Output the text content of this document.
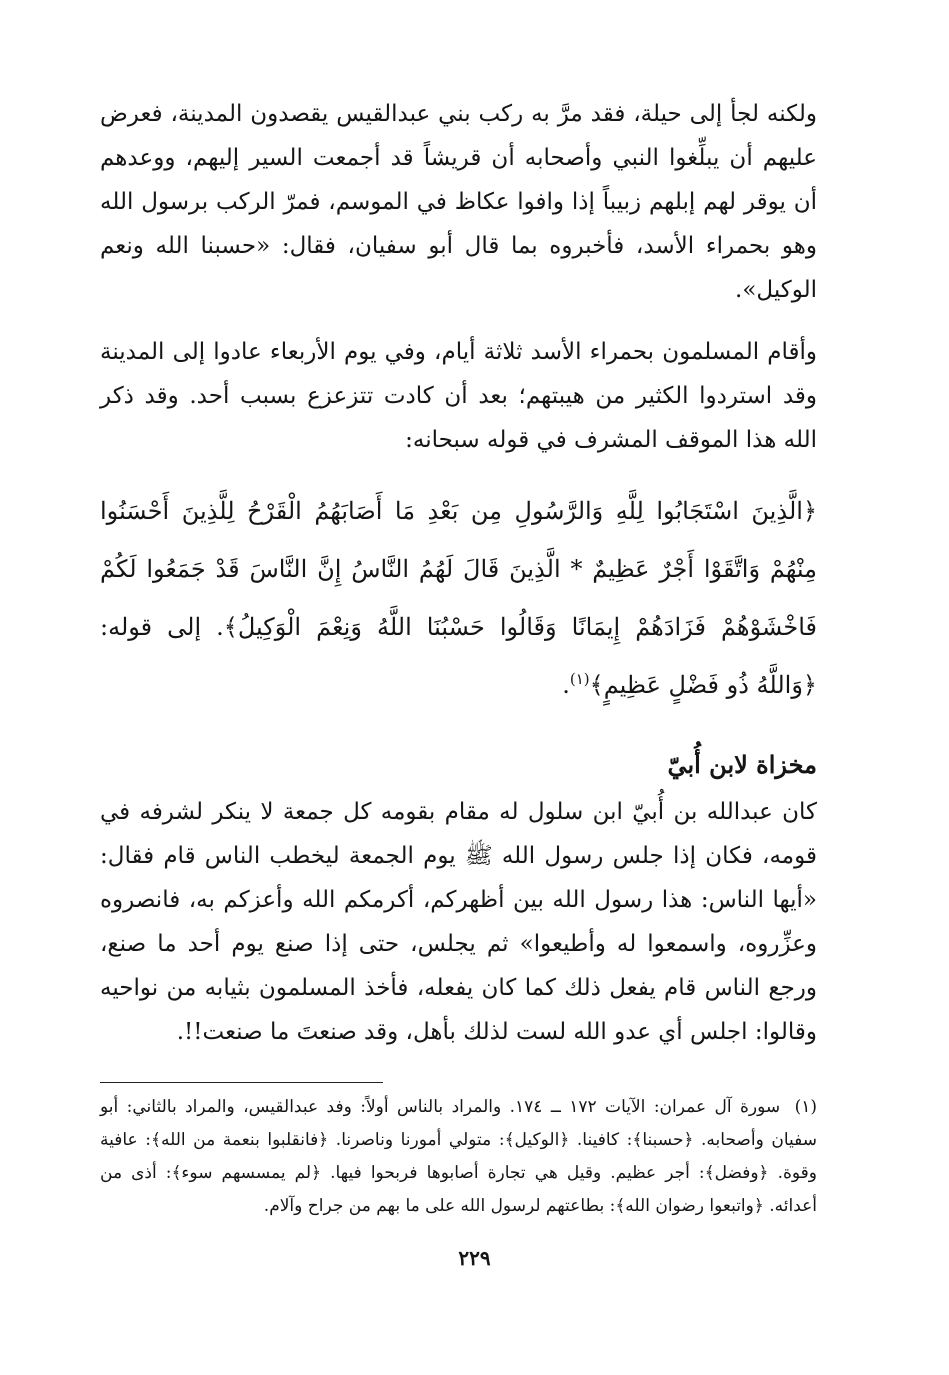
ولكنه لجأ إلى حيلة، فقد مرَّ به ركب بني عبدالقيس يقصدون المدينة، فعرض عليهم أن يبلِّغوا النبي وأصحابه أن قريشاً قد أجمعت السير إليهم، ووعدهم أن يوقر لهم إبلهم زبيباً إذا وافوا عكاظ في الموسم، فمرّ الركب برسول الله وهو بحمراء الأسد، فأخبروه بما قال أبو سفيان، فقال: «حسبنا الله ونعم الوكيل».

وأقام المسلمون بحمراء الأسد ثلاثة أيام، وفي يوم الأربعاء عادوا إلى المدينة وقد استردوا الكثير من هيبتهم؛ بعد أن كادت تتزعزع بسبب أحد. وقد ذكر الله هذا الموقف المشرف في قوله سبحانه:

﴿الَّذِينَ اسْتَجَابُوا لِلَّهِ وَالرَّسُولِ مِن بَعْدِ مَا أَصَابَهُمُ الْقَرْحُ لِلَّذِينَ أَحْسَنُوا مِنْهُمْ وَاتَّقَوْا أَجْرٌ عَظِيمٌ * الَّذِينَ قَالَ لَهُمُ النَّاسُ إِنَّ النَّاسَ قَدْ جَمَعُوا لَكُمْ فَاخْشَوْهُمْ فَزَادَهُمْ إِيمَانًا وَقَالُوا حَسْبُنَا اللَّهُ وَنِعْمَ الْوَكِيلُ﴾. إلى قوله: ﴿وَاللَّهُ ذُو فَضْلٍ عَظِيمٍ﴾$^{(١)}$.

مخزاة لابن أُبيّ

كان عبدالله بن أُبيّ ابن سلول له مقام بقومه كل جمعة لا ينكر لشرفه في قومه، فكان إذا جلس رسول الله ﷺ يوم الجمعة ليخطب الناس قام فقال: «أيها الناس: هذا رسول الله بين أظهركم، أكرمكم الله وأعزكم به، فانصروه وعزِّروه، واسمعوا له وأطيعوا» ثم يجلس، حتى إذا صنع يوم أحد ما صنع، ورجع الناس قام يفعل ذلك كما كان يفعله، فأخذ المسلمون بثيابه من نواحيه وقالوا: اجلس أي عدو الله لست لذلك بأهل، وقد صنعتَ ما صنعت!!.

(١) سورة آل عمران: الآيات ١٧٢ ــ ١٧٤. والمراد بالناس أولاً: وفد عبدالقيس، والمراد بالثاني: أبو سفيان وأصحابه. ﴿حسبنا﴾: كافينا. ﴿الوكيل﴾: متولي أمورنا وناصرنا. ﴿فانقلبوا بنعمة من الله﴾: عافية وقوة. ﴿وفضل﴾: أجر عظيم. وقيل هي تجارة أصابوها فربحوا فيها. ﴿لم يمسسهم سوء﴾: أذى من أعدائه. ﴿واتبعوا رضوان الله﴾: بطاعتهم لرسول الله على ما بهم من جراح وآلام.

٢٢٩
